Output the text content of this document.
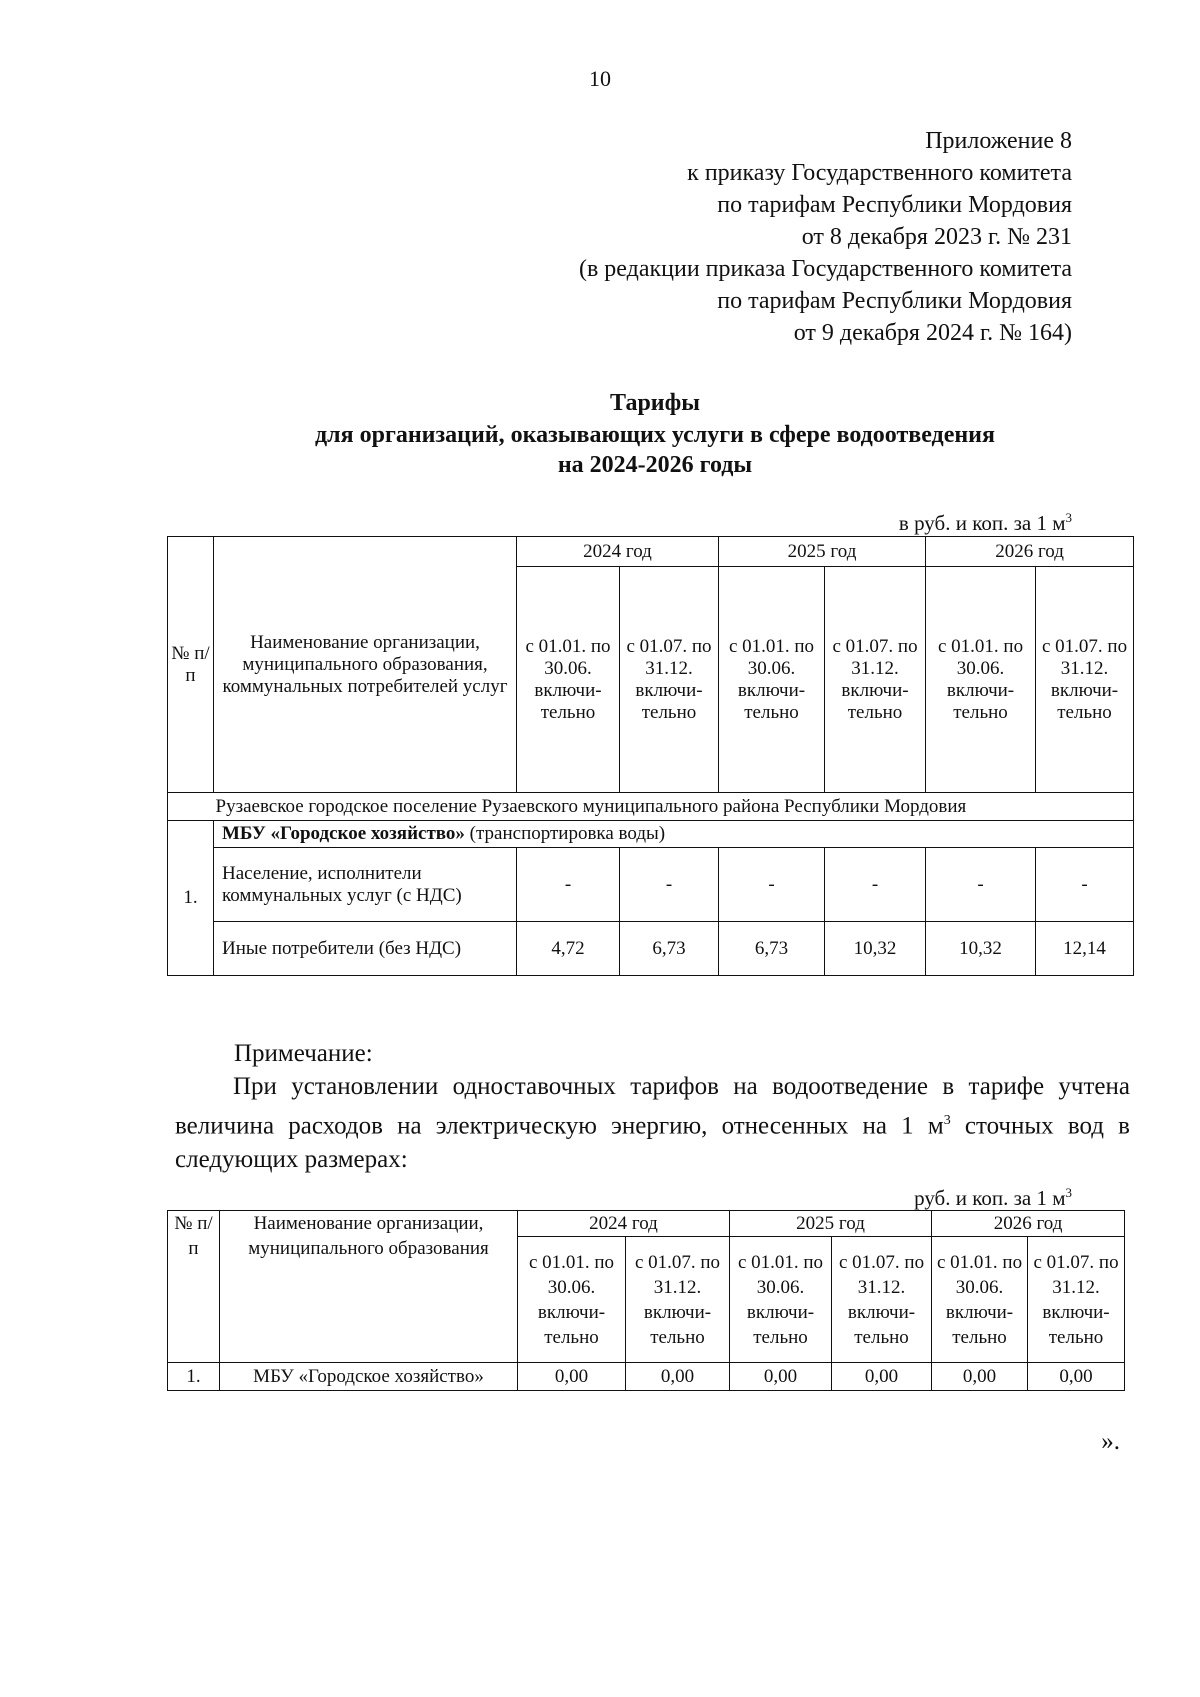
10
Приложение 8
к приказу Государственного комитета
по тарифам Республики Мордовия
от 8 декабря 2023 г. № 231
(в редакции приказа Государственного комитета
по тарифам Республики Мордовия
от 9 декабря 2024 г. № 164)
Тарифы
для организаций, оказывающих услуги в сфере водоотведения
на 2024-2026 годы
в руб. и коп. за 1 $м^3$
№ п/ п	Наименование организации, муниципального образования, коммунальных потребителей услуг	2024 год		2025 год		2026 год	
		с 01.01. по 30.06. включи-тельно	с 01.07. по 31.12. включи-тельно	с 01.01. по 30.06. включи-тельно	с 01.07. по 31.12. включи-тельно	с 01.01. по 30.06. включи-тельно	с 01.07. по 31.12. включи-тельно
	Рузаевское городское поселение Рузаевского муниципального района Республики Мордовия						
1.	МБУ «Городское хозяйство» (транспортировка воды)						
	Население, исполнители коммунальных услуг (с НДС)	-	-	-	-	-	-
	Иные потребители (без НДС)	4,72	6,73	6,73	10,32	10,32	12,14
Примечание:
При установлении одноставочных тарифов на водоотведение в тарифе учтена величина расходов на электрическую энергию, отнесенных на 1 $м^3$ сточных вод в следующих размерах:
руб. и коп. за 1 $м^3$
№ п/п	Наименование организации, муниципального образования	2024 год		2025 год		2026 год	
		с 01.01. по 30.06. включи-тельно	с 01.07. по 31.12. включи-тельно	с 01.01. по 30.06. включи-тельно	с 01.07. по 31.12. включи-тельно	с 01.01. по 30.06. включи-тельно	с 01.07. по 31.12. включи-тельно
1.	МБУ «Городское хозяйство»	0,00	0,00	0,00	0,00	0,00	0,00
».
